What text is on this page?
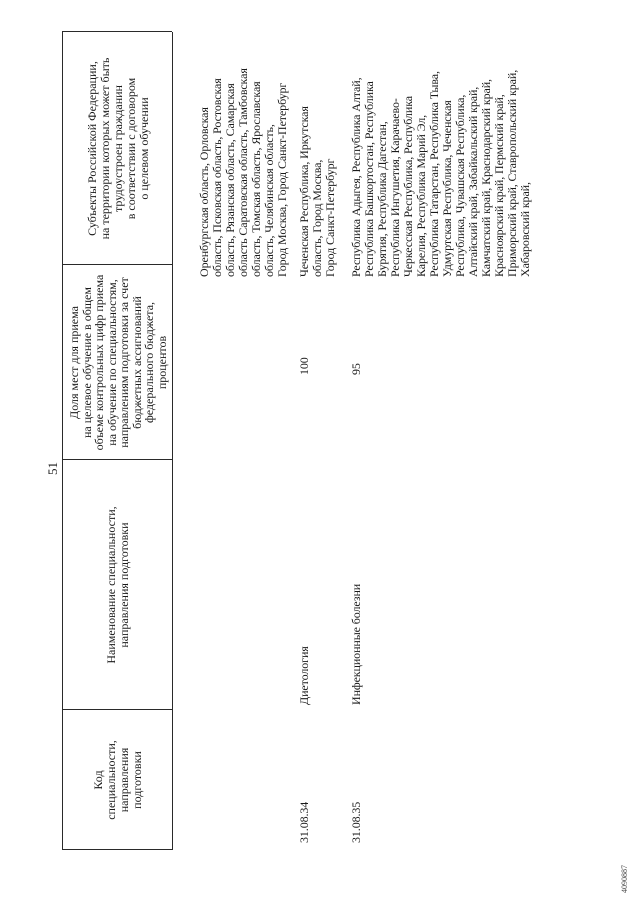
51
Код
специальности,
направления
подготовки
Наименование специальности,
направления подготовки
Доля мест для приема
на целевое обучение в общем
объеме контрольных цифр приема
на обучение по специальностям,
направлениям подготовки за счет
бюджетных ассигнований
федерального бюджета,
процентов
Субъекты Российской Федерации,
на территории которых может быть
трудоустроен гражданин
в соответствии с договором
о целевом обучении
Оренбургская область, Орловская
область, Псковская область, Ростовская
область, Рязанская область, Самарская
область Саратовская область, Тамбовская
область, Томская область, Ярославская
область, Челябинская область,
Город Москва, Город Санкт-Петербург
31.08.34
Диетология
100
Чеченская Республика, Иркутская
область, Город Москва,
Город Санкт-Петербург
31.08.35
Инфекционные болезни
95
Республика Адыгея, Республика Алтай,
Республика Башкортостан, Республика
Бурятия, Республика Дагестан,
Республика Ингушетия, Карачаево-
Черкесская Республика, Республика
Карелия, Республика Марий Эл,
Республика Татарстан, Республика Тыва,
Удмуртская Республика, Чеченская
Республика, Чувашская Республика,
Алтайский край, Забайкальский край,
Камчатский край, Краснодарский край,
Красноярский край, Пермский край,
Приморский край, Ставропольский край,
Хабаровский край,
4090887
